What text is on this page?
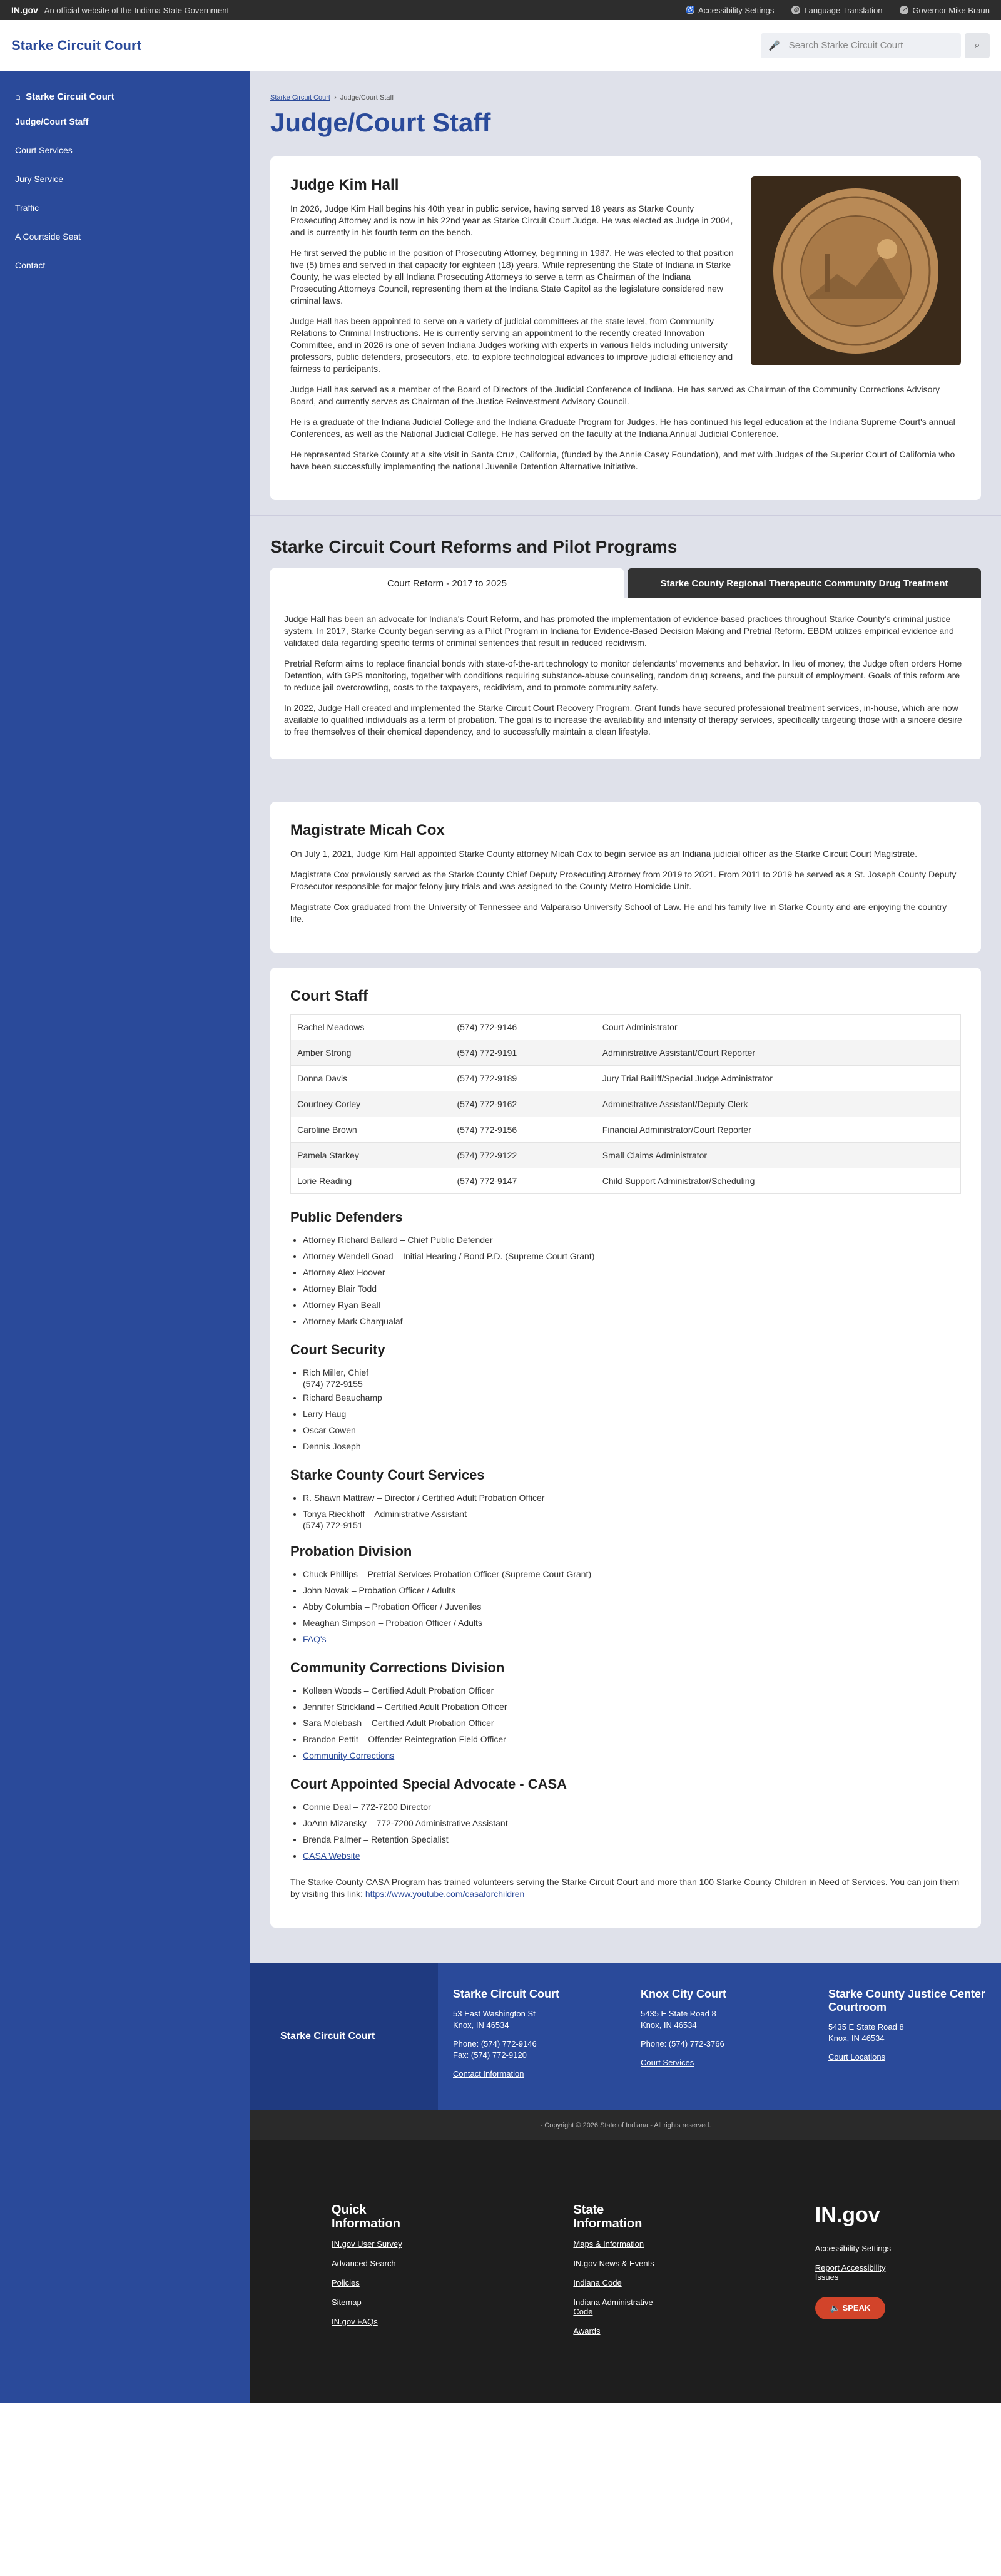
IN.gov An official website of the Indiana State Government	♿ Accessibility Settings	◍ Language Translation	↗ Governor Mike Braun
Starke Circuit Court	🎤 Search Starke Circuit Court	⌕
⌂ Starke Circuit Court
Judge/Court Staff
Court Services
Jury Service
Traffic
A Courtside Seat
Contact
Starke Circuit Court  ›  Judge/Court Staff
Judge/Court Staff
Judge Kim Hall

In 2026, Judge Kim Hall begins his 40th year in public service, having served 18 years as Starke County Prosecuting Attorney and is now in his 22nd year as Starke Circuit Court Judge. He was elected as Judge in 2004, and is currently in his fourth term on the bench.

He first served the public in the position of Prosecuting Attorney, beginning in 1987. He was elected to that position five (5) times and served in that capacity for eighteen (18) years. While representing the State of Indiana in Starke County, he was elected by all Indiana Prosecuting Attorneys to serve a term as Chairman of the Indiana Prosecuting Attorneys Council, representing them at the Indiana State Capitol as the legislature considered new criminal laws.

Judge Hall has been appointed to serve on a variety of judicial committees at the state level, from Community Relations to Criminal Instructions. He is currently serving an appointment to the recently created Innovation Committee, and in 2026 is one of seven Indiana Judges working with experts in various fields including university professors, public defenders, prosecutors, etc. to explore technological advances to improve judicial efficiency and fairness to participants.

Judge Hall has served as a member of the Board of Directors of the Judicial Conference of Indiana. He has served as Chairman of the Community Corrections Advisory Board, and currently serves as Chairman of the Justice Reinvestment Advisory Council.

He is a graduate of the Indiana Judicial College and the Indiana Graduate Program for Judges. He has continued his legal education at the Indiana Supreme Court's annual Conferences, as well as the National Judicial College. He has served on the faculty at the Indiana Annual Judicial Conference.

He represented Starke County at a site visit in Santa Cruz, California, (funded by the Annie Casey Foundation), and met with Judges of the Superior Court of California who have been successfully implementing the national Juvenile Detention Alternative Initiative.

Starke Circuit Court Reforms and Pilot Programs
Court Reform - 2017 to 2025	Starke County Regional Therapeutic Community Drug Treatment

Judge Hall has been an advocate for Indiana's Court Reform, and has promoted the implementation of evidence-based practices throughout Starke County's criminal justice system. In 2017, Starke County began serving as a Pilot Program in Indiana for Evidence-Based Decision Making and Pretrial Reform. EBDM utilizes empirical evidence and validated data regarding specific terms of criminal sentences that result in reduced recidivism.

Pretrial Reform aims to replace financial bonds with state-of-the-art technology to monitor defendants' movements and behavior. In lieu of money, the Judge often orders Home Detention, with GPS monitoring, together with conditions requiring substance-abuse counseling, random drug screens, and the pursuit of employment. Goals of this reform are to reduce jail overcrowding, costs to the taxpayers, recidivism, and to promote community safety.

In 2022, Judge Hall created and implemented the Starke Circuit Court Recovery Program. Grant funds have secured professional treatment services, in-house, which are now available to qualified individuals as a term of probation. The goal is to increase the availability and intensity of therapy services, specifically targeting those with a sincere desire to free themselves of their chemical dependency, and to successfully maintain a clean lifestyle.

Magistrate Micah Cox

On July 1, 2021, Judge Kim Hall appointed Starke County attorney Micah Cox to begin service as an Indiana judicial officer as the Starke Circuit Court Magistrate.

Magistrate Cox previously served as the Starke County Chief Deputy Prosecuting Attorney from 2019 to 2021. From 2011 to 2019 he served as a St. Joseph County Deputy Prosecutor responsible for major felony jury trials and was assigned to the County Metro Homicide Unit.

Magistrate Cox graduated from the University of Tennessee and Valparaiso University School of Law. He and his family live in Starke County and are enjoying the country life.

Court Staff
Rachel Meadows	(574) 772-9146	Court Administrator
Amber Strong	(574) 772-9191	Administrative Assistant/Court Reporter
Donna Davis	(574) 772-9189	Jury Trial Bailiff/Special Judge Administrator
Courtney Corley	(574) 772-9162	Administrative Assistant/Deputy Clerk
Caroline Brown	(574) 772-9156	Financial Administrator/Court Reporter
Pamela Starkey	(574) 772-9122	Small Claims Administrator
Lorie Reading	(574) 772-9147	Child Support Administrator/Scheduling
Public Defenders
• Attorney Richard Ballard – Chief Public Defender
• Attorney Wendell Goad – Initial Hearing / Bond P.D. (Supreme Court Grant)
• Attorney Alex Hoover
• Attorney Blair Todd
• Attorney Ryan Beall
• Attorney Mark Chargualaf
Court Security
• Rich Miller, Chief
(574) 772-9155
• Richard Beauchamp
• Larry Haug
• Oscar Cowen
• Dennis Joseph
Starke County Court Services
• R. Shawn Mattraw – Director / Certified Adult Probation Officer
• Tonya Rieckhoff – Administrative Assistant
(574) 772-9151
Probation Division
• Chuck Phillips – Pretrial Services Probation Officer (Supreme Court Grant)
• John Novak – Probation Officer / Adults
• Abby Columbia – Probation Officer / Juveniles
• Meaghan Simpson – Probation Officer / Adults
• FAQ's
Community Corrections Division
• Kolleen Woods – Certified Adult Probation Officer
• Jennifer Strickland – Certified Adult Probation Officer
• Sara Molebash – Certified Adult Probation Officer
• Brandon Pettit – Offender Reintegration Field Officer
• Community Corrections
Court Appointed Special Advocate - CASA
• Connie Deal – 772-7200 Director
• JoAnn Mizansky – 772-7200 Administrative Assistant
• Brenda Palmer – Retention Specialist
• CASA Website

The Starke County CASA Program has trained volunteers serving the Starke Circuit Court and more than 100 Starke County Children in Need of Services. You can join them by visiting this link: https://www.youtube.com/casaforchildren

Starke Circuit Court
Starke Circuit Court

53 East Washington St
Knox, IN 46534

Phone: (574) 772-9146
Fax: (574) 772-9120

Contact Information
Knox City Court

5435 E State Road 8
Knox, IN 46534

Phone: (574) 772-3766

Court Services
Starke County Justice Center Courtroom

5435 E State Road 8
Knox, IN 46534

Court Locations
· Copyright © 2026 State of Indiana - All rights reserved.
Quick Information
IN.gov User Survey
Advanced Search
Policies
Sitemap
IN.gov FAQs
State Information
Maps & Information
IN.gov News & Events
Indiana Code
Indiana Administrative Code
Awards
IN.gov
Accessibility Settings
Report Accessibility Issues
🔈 SPEAK
